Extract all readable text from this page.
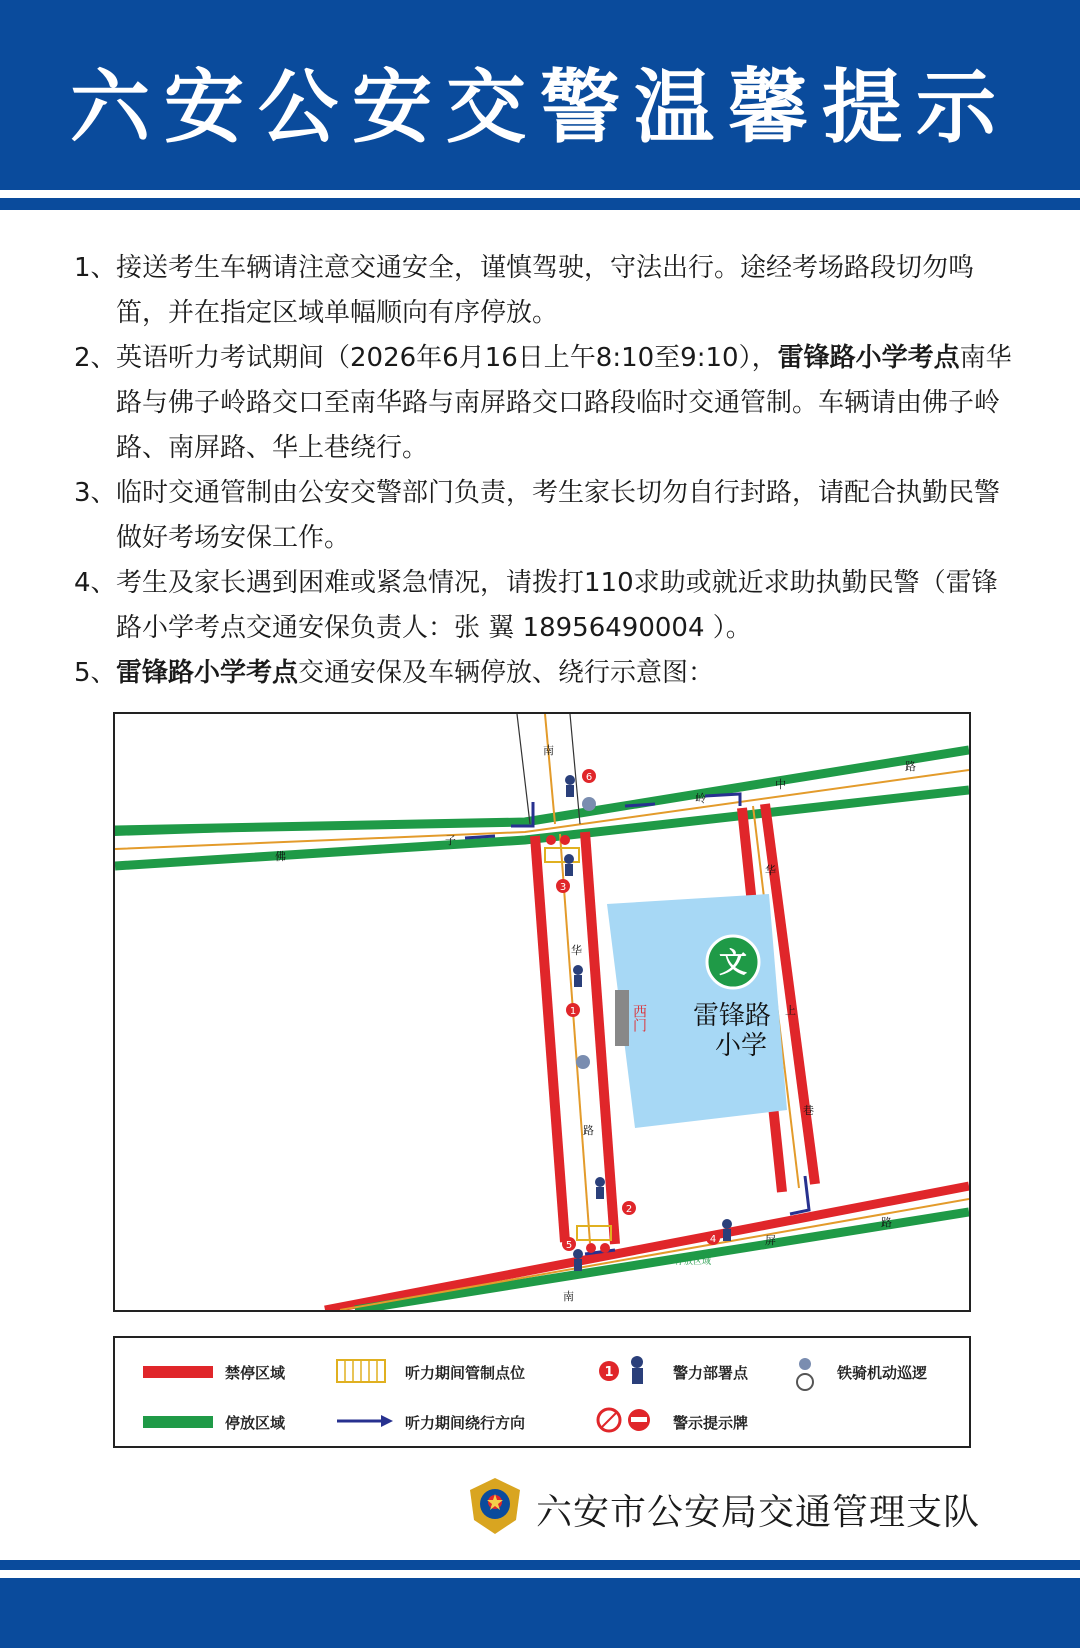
六安公安交警温馨提示

1、 接送考生车辆请注意交通安全，谨慎驾驶，守法出行。途经考场路段切勿鸣笛，并在指定区域单幅顺向有序停放。

2、 英语听力考试期间（2026年6月16日上午8:10至9:10），雷锋路小学考点南华路与佛子岭路交口至南华路与南屏路交口路段临时交通管制。车辆请由佛子岭路、南屏路、华上巷绕行。

3、 临时交通管制由公安交警部门负责，考生家长切勿自行封路，请配合执勤民警做好考场安保工作。

4、 考生及家长遇到困难或紧急情况，请拨打110求助或就近求助执勤民警（雷锋路小学考点交通安保负责人：张 翼 18956490004 ）。

5、 雷锋路小学考点交通安保及车辆停放、绕行示意图：

文
雷锋路
小学
西门
南
华
路
佛
子
岭
中
路
华
上
巷
南
屏
路
禁停区域
停放区域
1
2
3
4
5
6
禁停区域
停放区域
听力期间管制点位
听力期间绕行方向
1	警力部署点
警示提示牌
铁骑机动巡逻
六安市公安局交通管理支队
